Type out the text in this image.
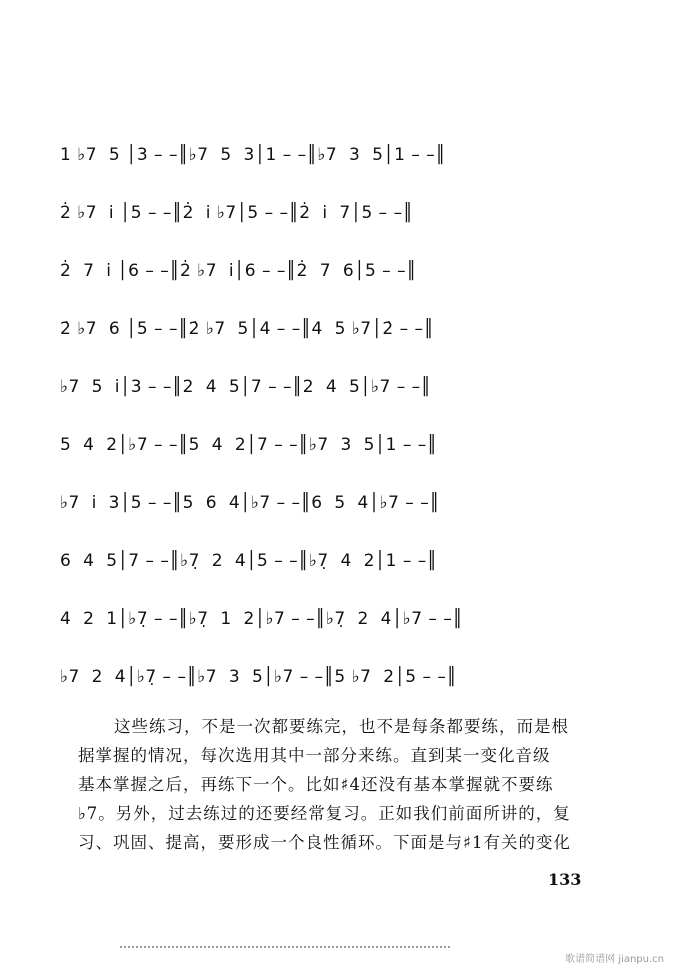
1 ♭7  5 │3 – –║♭7  5  3│1 – –║♭7  3  5│1 – –║
2̇ ♭7  i │5 – –║2̇  i ♭7│5 – –║2̇  i  7│5 – –║
2̇  7  i │6 – –║2̇ ♭7  i│6 – –║2̇  7  6│5 – –║
2̇ ♭7  6 │5 – –║2̇ ♭7  5│4 – –║4  5 ♭7│2̇ – –║
♭7  5  i│3 – –║2  4  5│7 – –║2  4  5│♭7 – –║
5  4  2│♭7 – –║5  4  2│7 – –║♭7  3  5│1 – –║
♭7  i  3│5 – –║5  6  4│♭7 – –║6  5  4│♭7 – –║
6  4  5│7 – –║♭7̣  2  4│5 – –║♭7̣  4  2│1 – –║
4  2  1│♭7̣ – –║♭7̣  1  2│♭7 – –║♭7̣  2  4│♭7 – –║
♭7  2  4│♭7̣ – –║♭7  3  5│♭7 – –║5 ♭7  2│5 – –║
这些练习，不是一次都要练完，也不是每条都要练，而是根
据掌握的情况，每次选用其中一部分来练。直到某一变化音级
基本掌握之后，再练下一个。比如♯4还没有基本掌握就不要练
♭7。另外，过去练过的还要经常复习。正如我们前面所讲的，复
习、巩固、提高，要形成一个良性循环。下面是与♯1有关的变化
133
歌谱简谱网 jianpu.cn
